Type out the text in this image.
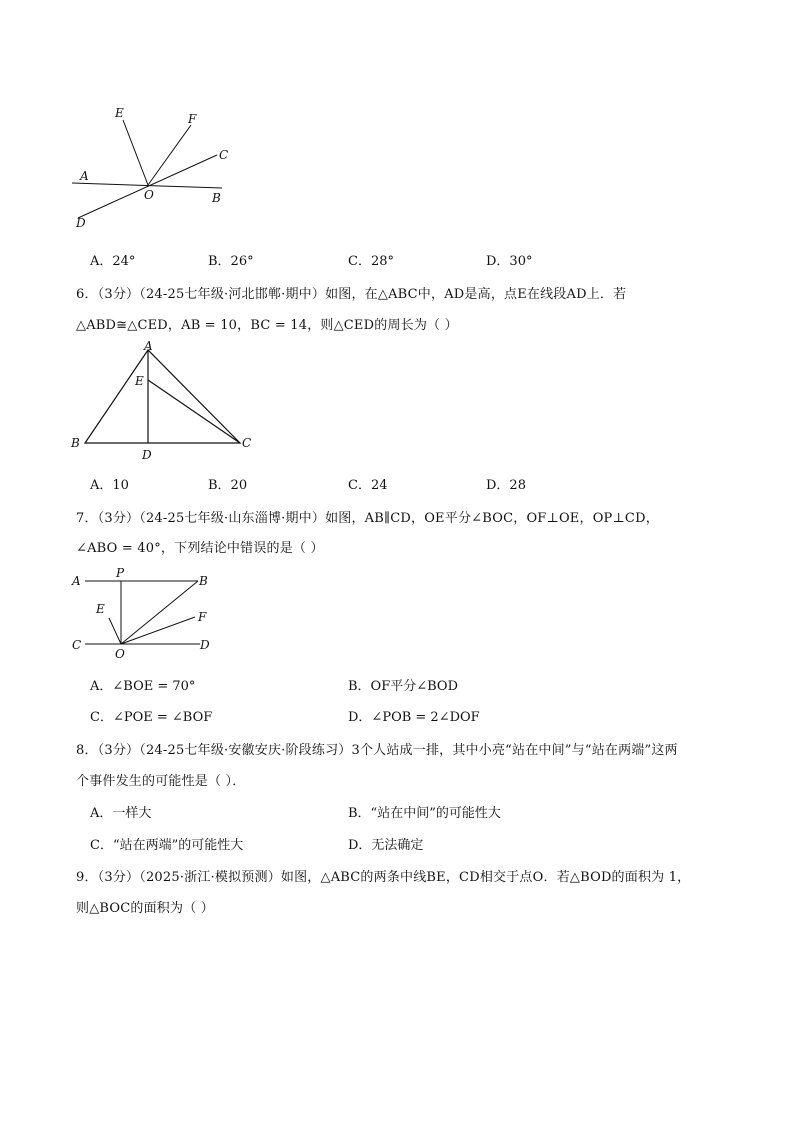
E	F
C
A
O	B
D
A．24°	B．26°	C．28°	D．30°
6．（3分）（24-25七年级·河北邯郸·期中）如图，在△ABC中，AD是高，点E在线段AD上．若
△ABD≅△CED，AB = 10，BC = 14，则△CED的周长为（ ）
A
E
B
D
C
A．10	B．20	C．24	D．28
7．（3分）（24-25七年级·山东淄博·期中）如图，AB∥CD，OE平分∠BOC，OF⊥OE，OP⊥CD，
∠ABO = 40°，下列结论中错误的是（ ）
A
P
B
E
F
C
O
D
A．∠BOE = 70°	B．OF平分∠BOD
C．∠POE = ∠BOF	D．∠POB = 2∠DOF
8．（3分）（24-25七年级·安徽安庆·阶段练习）3个人站成一排，其中小亮“站在中间”与“站在两端”这两
个事件发生的可能性是（ ）．
A．一样大	B．“站在中间”的可能性大
C．“站在两端”的可能性大	D．无法确定
9．（3分）（2025·浙江·模拟预测）如图，△ABC的两条中线BE，CD相交于点O．若△BOD的面积为 1，
则△BOC的面积为（ ）
